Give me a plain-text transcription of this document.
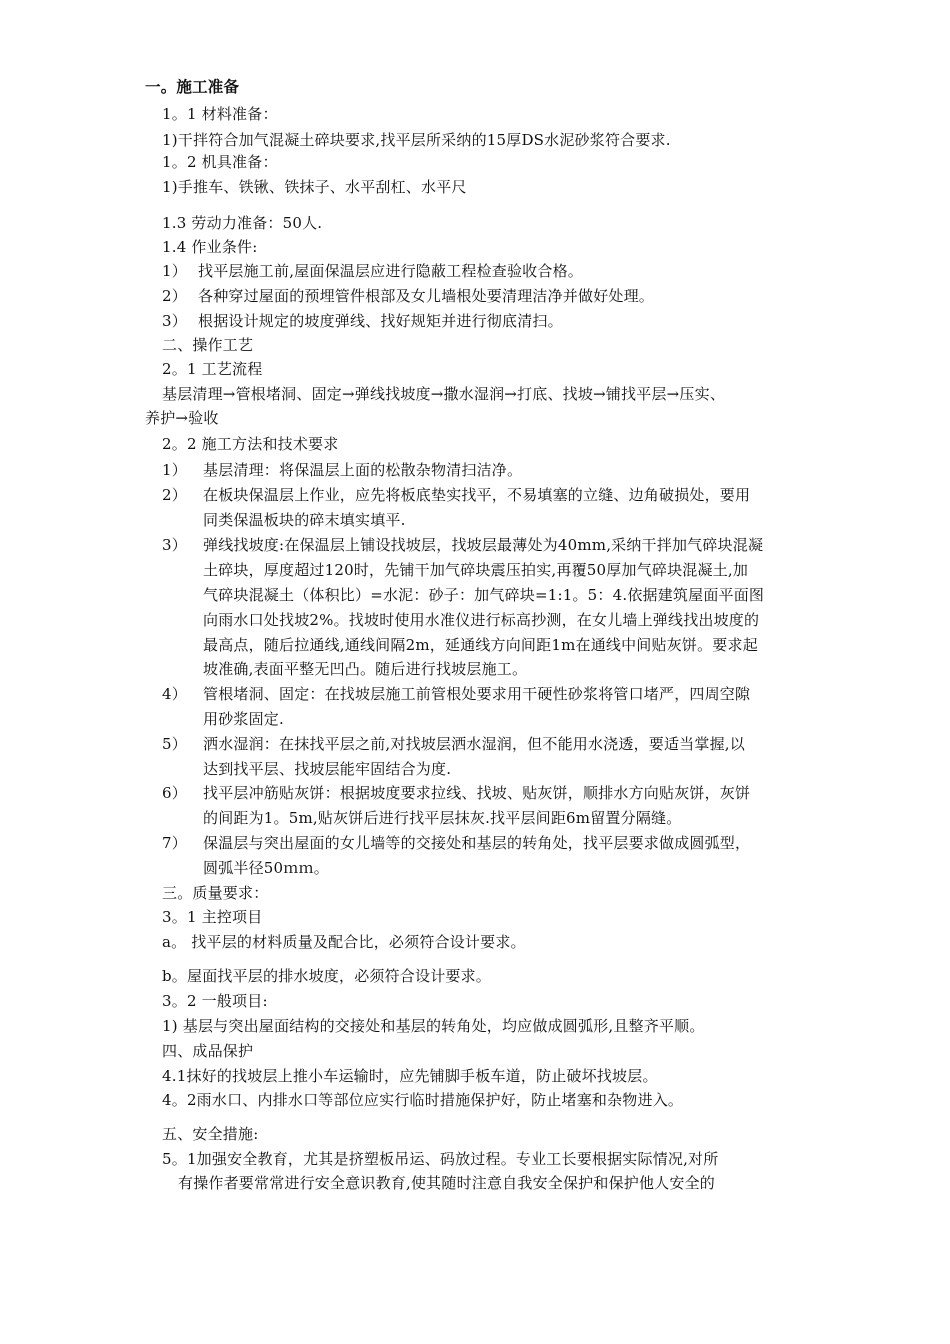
一。施工准备
1。1 材料准备：
1)干拌符合加气混凝土碎块要求,找平层所采纳的15厚DS水泥砂浆符合要求.
1。2 机具准备：
1)手推车、铁锹、铁抹子、水平刮杠、水平尺
1.3 劳动力准备：50人.
1.4 作业条件:
1） 找平层施工前,屋面保温层应进行隐蔽工程检查验收合格。
2） 各种穿过屋面的预埋管件根部及女儿墙根处要清理洁净并做好处理。
3） 根据设计规定的坡度弹线、找好规矩并进行彻底清扫。
二、操作工艺
2。1 工艺流程
基层清理→管根堵洞、固定→弹线找坡度→撒水湿润→打底、找坡→铺找平层→压实、
养护→验收
2。2 施工方法和技术要求
1） 基层清理：将保温层上面的松散杂物清扫洁净。
2） 在板块保温层上作业，应先将板底垫实找平，不易填塞的立缝、边角破损处，要用
同类保温板块的碎末填实填平.
3） 弹线找坡度:在保温层上铺设找坡层，找坡层最薄处为40mm,采纳干拌加气碎块混凝
土碎块，厚度超过120时，先铺干加气碎块震压拍实,再覆50厚加气碎块混凝土,加
气碎块混凝土（体积比）=水泥：砂子：加气碎块=1:1。5：4.依据建筑屋面平面图
向雨水口处找坡2%。找坡时使用水准仪进行标高抄测，在女儿墙上弹线找出坡度的
最高点，随后拉通线,通线间隔2m，延通线方向间距1m在通线中间贴灰饼。要求起
坡准确,表面平整无凹凸。随后进行找坡层施工。
4） 管根堵洞、固定：在找坡层施工前管根处要求用干硬性砂浆将管口堵严，四周空隙
用砂浆固定.
5） 洒水湿润：在抹找平层之前,对找坡层洒水湿润，但不能用水浇透，要适当掌握,以
达到找平层、找坡层能牢固结合为度.
6） 找平层冲筋贴灰饼：根据坡度要求拉线、找坡、贴灰饼，顺排水方向贴灰饼，灰饼
的间距为1。5m,贴灰饼后进行找平层抹灰.找平层间距6m留置分隔缝。
7） 保温层与突出屋面的女儿墙等的交接处和基层的转角处，找平层要求做成圆弧型，
圆弧半径50ｍｍ。
三。质量要求：
3。1 主控项目
a。 找平层的材料质量及配合比，必须符合设计要求。
b。屋面找平层的排水坡度，必须符合设计要求。
3。2 一般项目:
1) 基层与突出屋面结构的交接处和基层的转角处，均应做成圆弧形,且整齐平顺。
四、成品保护
4.1抹好的找坡层上推小车运输时，应先铺脚手板车道，防止破坏找坡层。
4。2雨水口、内排水口等部位应实行临时措施保护好，防止堵塞和杂物进入。
五、安全措施:
5。1加强安全教育，尤其是挤塑板吊运、码放过程。专业工长要根据实际情况,对所
有操作者要常常进行安全意识教育,使其随时注意自我安全保护和保护他人安全的
